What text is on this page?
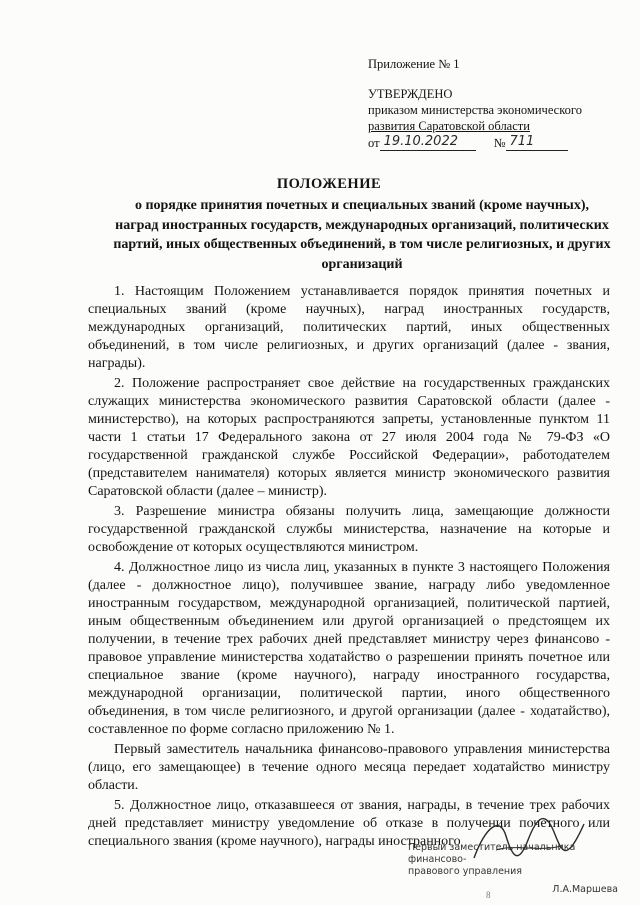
Приложение № 1
УТВЕРЖДЕНО
приказом министерства экономического
развития Саратовской области
от 19.10.2022	№ 711
ПОЛОЖЕНИЕ
о порядке принятия почетных и специальных званий (кроме научных), наград иностранных государств, международных организаций, политических партий, иных общественных объединений, в том числе религиозных, и других организаций

1. Настоящим Положением устанавливается порядок принятия почетных и специальных званий (кроме научных), наград иностранных государств, международных организаций, политических партий, иных общественных объединений, в том числе религиозных, и других организаций (далее - звания, награды).

2. Положение распространяет свое действие на государственных гражданских служащих министерства экономического развития Саратовской области (далее - министерство), на которых распространяются запреты, установленные пунктом 11 части 1 статьи 17 Федерального закона от 27 июля 2004 года № 79-ФЗ «О государственной гражданской службе Российской Федерации», работодателем (представителем нанимателя) которых является министр экономического развития Саратовской области (далее – министр).

3. Разрешение министра обязаны получить лица, замещающие должности государственной гражданской службы министерства, назначение на которые и освобождение от которых осуществляются министром.

4. Должностное лицо из числа лиц, указанных в пункте 3 настоящего Положения (далее - должностное лицо), получившее звание, награду либо уведомленное иностранным государством, международной организацией, политической партией, иным общественным объединением или другой организацией о предстоящем их получении, в течение трех рабочих дней представляет министру через финансово - правовое управление министерства ходатайство о разрешении принять почетное или специальное звание (кроме научного), награду иностранного государства, международной организации, политической партии, иного общественного объединения, в том числе религиозного, и другой организации (далее - ходатайство), составленное по форме согласно приложению № 1.

Первый заместитель начальника финансово-правового управления министерства (лицо, его замещающее) в течение одного месяца передает ходатайство министру области.

5. Должностное лицо, отказавшееся от звания, награды, в течение трех рабочих дней представляет министру уведомление об отказе в получении почетного или специального звания (кроме научного), награды иностранного

Первый заместитель начальника финансово-
правового управления
Л.А.Маршева
8
